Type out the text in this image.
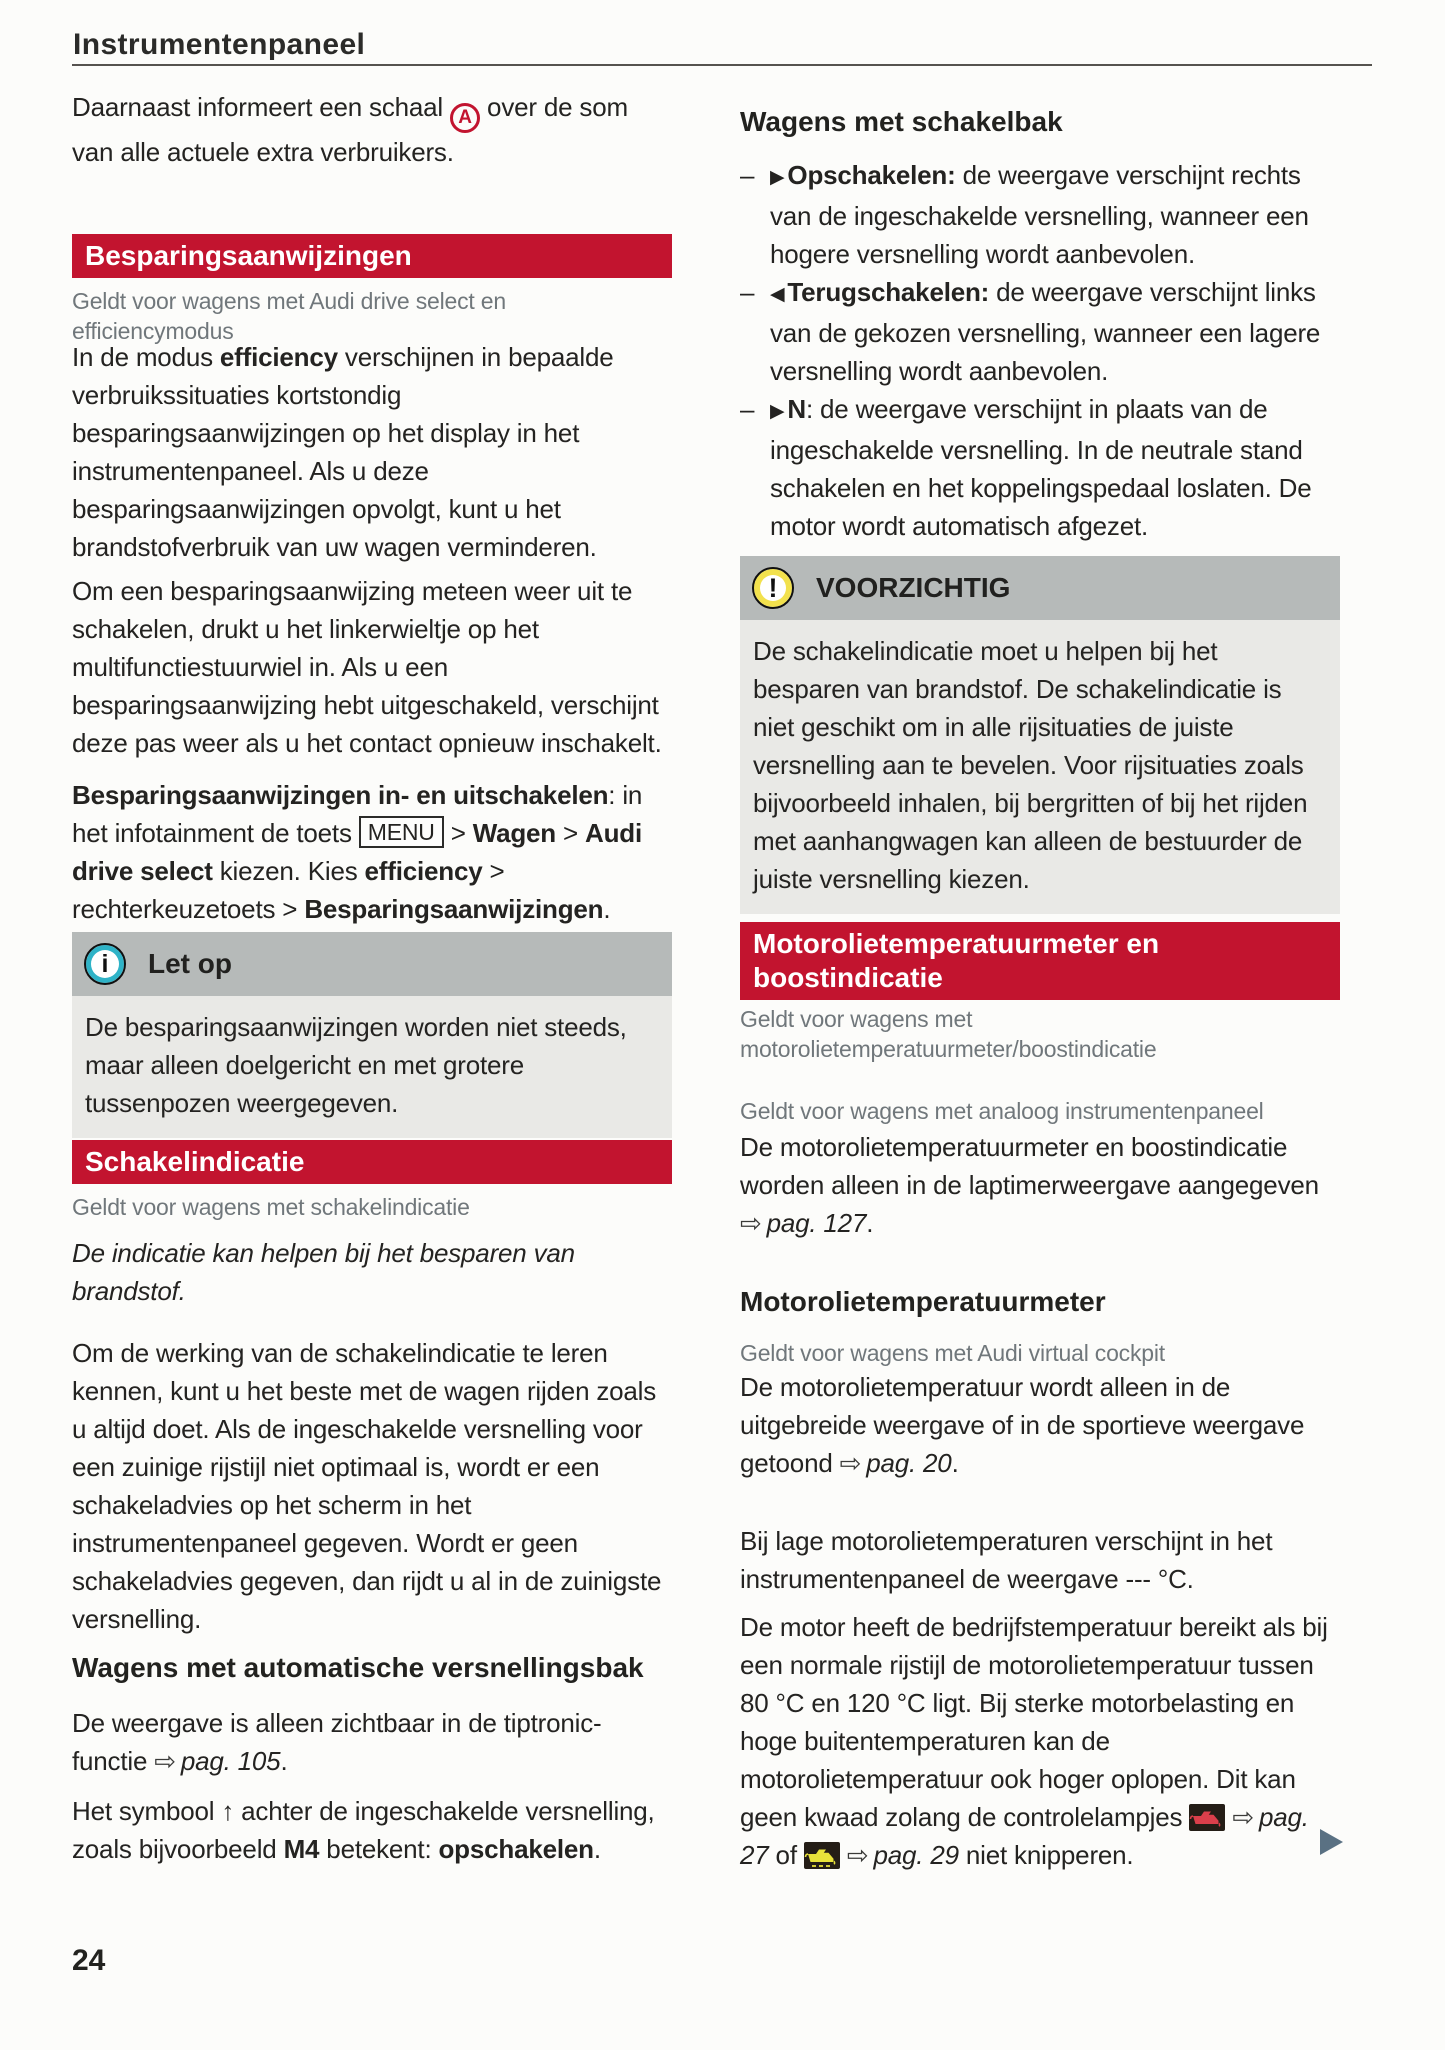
Instrumentenpaneel
Daarnaast informeert een schaal A over de som van alle actuele extra verbruikers.
Besparingsaanwijzingen
Geldt voor wagens met Audi drive select en efficiencymodus
In de modus efficiency verschijnen in bepaalde verbruikssituaties kortstondig besparingsaanwijzingen op het display in het instrumentenpaneel. Als u deze besparingsaanwijzingen opvolgt, kunt u het brandstofverbruik van uw wagen verminderen.
Om een besparingsaanwijzing meteen weer uit te schakelen, drukt u het linkerwieltje op het multifunctiestuurwiel in. Als u een besparingsaanwijzing hebt uitgeschakeld, verschijnt deze pas weer als u het contact opnieuw inschakelt.
Besparingsaanwijzingen in- en uitschakelen: in het infotainment de toets MENU > Wagen > Audi drive select kiezen. Kies efficiency > rechterkeuzetoets > Besparingsaanwijzingen.
i	Let op
De besparingsaanwijzingen worden niet steeds, maar alleen doelgericht en met grotere tussenpozen weergegeven.
Schakelindicatie
Geldt voor wagens met schakelindicatie
De indicatie kan helpen bij het besparen van brandstof.
Om de werking van de schakelindicatie te leren kennen, kunt u het beste met de wagen rijden zoals u altijd doet. Als de ingeschakelde versnelling voor een zuinige rijstijl niet optimaal is, wordt er een schakeladvies op het scherm in het instrumentenpaneel gegeven. Wordt er geen schakeladvies gegeven, dan rijdt u al in de zuinigste versnelling.
Wagens met automatische versnellingsbak
De weergave is alleen zichtbaar in de tiptronic-functie ⇨ pag. 105.
Het symbool ↑ achter de ingeschakelde versnelling, zoals bijvoorbeeld M4 betekent: opschakelen.
24
Wagens met schakelbak
– ▶ Opschakelen: de weergave verschijnt rechts van de ingeschakelde versnelling, wanneer een hogere versnelling wordt aanbevolen.
– ◀ Terugschakelen: de weergave verschijnt links van de gekozen versnelling, wanneer een lagere versnelling wordt aanbevolen.
– ▶ N: de weergave verschijnt in plaats van de ingeschakelde versnelling. In de neutrale stand schakelen en het koppelingspedaal loslaten. De motor wordt automatisch afgezet.
!	VOORZICHTIG
De schakelindicatie moet u helpen bij het besparen van brandstof. De schakelindicatie is niet geschikt om in alle rijsituaties de juiste versnelling aan te bevelen. Voor rijsituaties zoals bijvoorbeeld inhalen, bij bergritten of bij het rijden met aanhangwagen kan alleen de bestuurder de juiste versnelling kiezen.
Motorolietemperatuurmeter en boostindicatie
Geldt voor wagens met motorolietemperatuurmeter/boostindicatie
Geldt voor wagens met analoog instrumentenpaneel
De motorolietemperatuurmeter en boostindicatie worden alleen in de laptimerweergave aangegeven ⇨ pag. 127.
Motorolietemperatuurmeter
Geldt voor wagens met Audi virtual cockpit
De motorolietemperatuur wordt alleen in de uitgebreide weergave of in de sportieve weergave getoond ⇨ pag. 20.
Bij lage motorolietemperaturen verschijnt in het instrumentenpaneel de weergave --- °C.
De motor heeft de bedrijfstemperatuur bereikt als bij een normale rijstijl de motorolietemperatuur tussen 80 °C en 120 °C ligt. Bij sterke motorbelasting en hoge buitentemperaturen kan de motorolietemperatuur ook hoger oplopen. Dit kan geen kwaad zolang de controlelampjes  ⇨ pag. 27 of  ⇨ pag. 29 niet knipperen.
